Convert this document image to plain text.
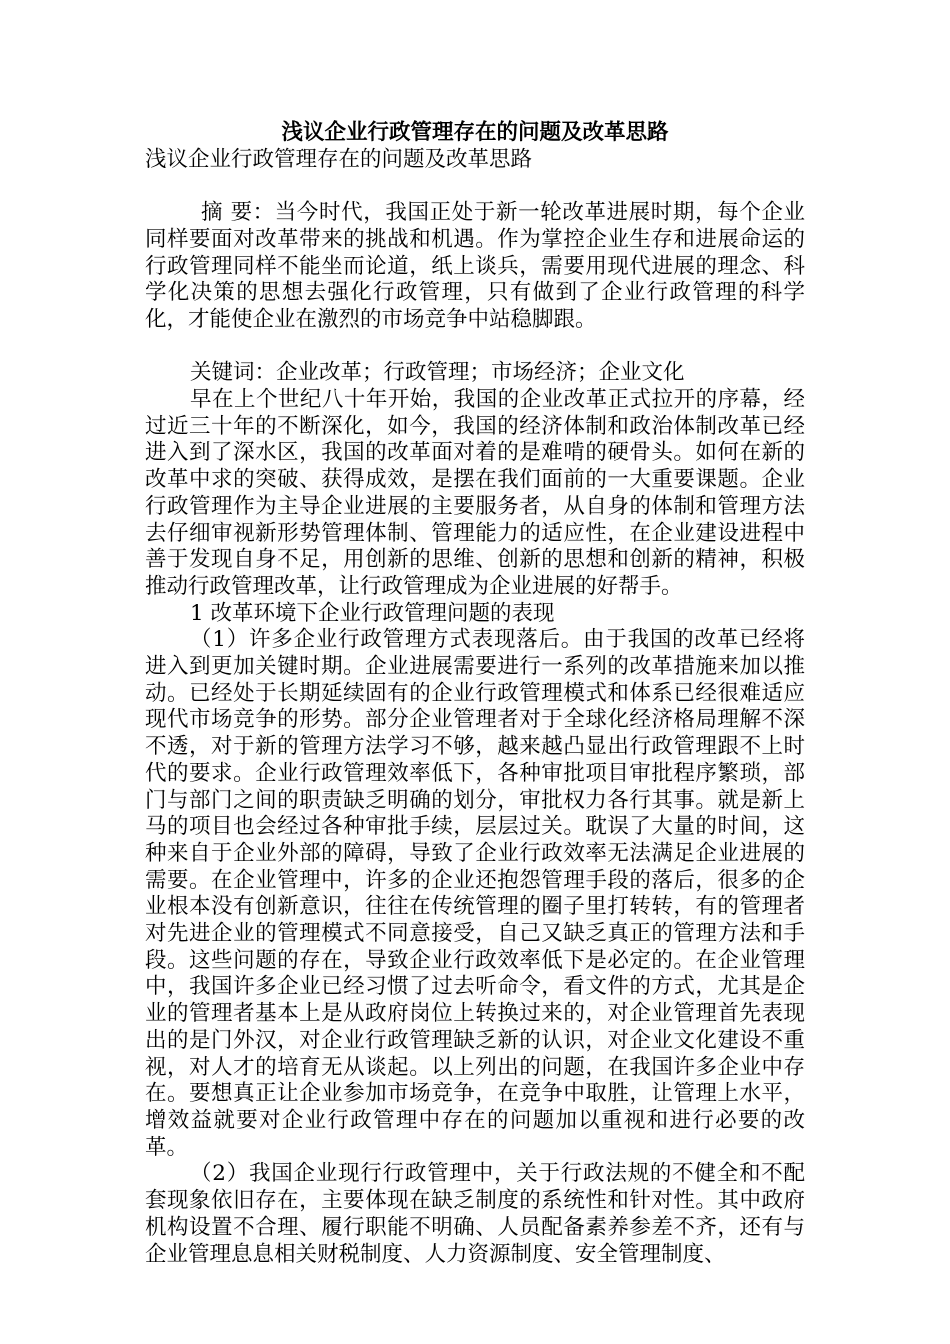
浅议企业行政管理存在的问题及改革思路

浅议企业行政管理存在的问题及改革思路

摘 要：当今时代，我国正处于新一轮改革进展时期，每个企业同样要面对改革带来的挑战和机遇。作为掌控企业生存和进展命运的行政管理同样不能坐而论道，纸上谈兵，需要用现代进展的理念、科学化决策的思想去强化行政管理，只有做到了企业行政管理的科学化，才能使企业在激烈的市场竞争中站稳脚跟。

关键词：企业改革；行政管理；市场经济；企业文化

早在上个世纪八十年开始，我国的企业改革正式拉开的序幕，经过近三十年的不断深化，如今，我国的经济体制和政治体制改革已经进入到了深水区，我国的改革面对着的是难啃的硬骨头。如何在新的改革中求的突破、获得成效，是摆在我们面前的一大重要课题。企业行政管理作为主导企业进展的主要服务者，从自身的体制和管理方法去仔细审视新形势管理体制、管理能力的适应性，在企业建设进程中善于发现自身不足，用创新的思维、创新的思想和创新的精神，积极推动行政管理改革，让行政管理成为企业进展的好帮手。

1 改革环境下企业行政管理问题的表现

（1）许多企业行政管理方式表现落后。由于我国的改革已经将进入到更加关键时期。企业进展需要进行一系列的改革措施来加以推动。已经处于长期延续固有的企业行政管理模式和体系已经很难适应现代市场竞争的形势。部分企业管理者对于全球化经济格局理解不深不透，对于新的管理方法学习不够，越来越凸显出行政管理跟不上时代的要求。企业行政管理效率低下，各种审批项目审批程序繁琐，部门与部门之间的职责缺乏明确的划分，审批权力各行其事。就是新上马的项目也会经过各种审批手续，层层过关。耽误了大量的时间，这种来自于企业外部的障碍，导致了企业行政效率无法满足企业进展的需要。在企业管理中，许多的企业还抱怨管理手段的落后，很多的企业根本没有创新意识，往往在传统管理的圈子里打转转，有的管理者对先进企业的管理模式不同意接受，自己又缺乏真正的管理方法和手段。这些问题的存在，导致企业行政效率低下是必定的。在企业管理中，我国许多企业已经习惯了过去听命令，看文件的方式，尤其是企业的管理者基本上是从政府岗位上转换过来的，对企业管理首先表现出的是门外汉，对企业行政管理缺乏新的认识，对企业文化建设不重视，对人才的培育无从谈起。以上列出的问题，在我国许多企业中存在。要想真正让企业参加市场竞争，在竞争中取胜，让管理上水平，增效益就要对企业行政管理中存在的问题加以重视和进行必要的改革。

（2）我国企业现行行政管理中，关于行政法规的不健全和不配套现象依旧存在，主要体现在缺乏制度的系统性和针对性。其中政府机构设置不合理、履行职能不明确、人员配备素养参差不齐，还有与企业管理息息相关财税制度、人力资源制度、安全管理制度、
